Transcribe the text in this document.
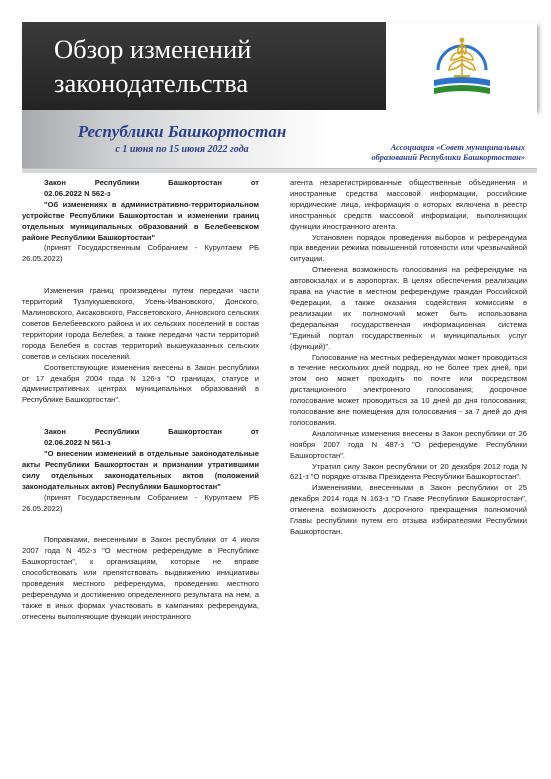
Обзор изменений
законодательства
Республики Башкортостан
с 1 июня по 15 июня 2022 года	Ассоциация «Совет муниципальных
образований Республики Башкортостан»

Закон Республики Башкортостан от
02.06.2022 N 562-з

"Об изменениях в административно-территориальном устройстве Республики Башкортостан и изменении границ отдельных муниципальных образований в Белебеевском районе Республики Башкортостан"

(принят Государственным Собранием - Курултаем РБ 26.05.2022)

Изменения границ произведены путем передачи части территорий Тузлукушевского, Усень-Ивановского, Донского, Малиновского, Аксаковского, Рассветовского, Анновского сельских советов Белебеевского района и их сельских поселений в состав территории города Белебея, а также передачи части территорий города Белебея в состав территорий вышеуказанных сельских советов и сельских поселений.

Соответствующие изменения внесены в Закон республики от 17 декабря 2004 года N 126-з "О границах, статусе и административных центрах муниципальных образований в Республике Башкортостан".

Закон Республики Башкортостан от
02.06.2022 N 561-з

"О внесении изменений в отдельные законодательные акты Республики Башкортостан и признании утратившими силу отдельных законодательных актов (положений законодательных актов) Республики Башкортостан"

(принят Государственным Собранием - Курултаем РБ 26.05.2022)

Поправками, внесенными в Закон республики от 4 июля 2007 года N 452-з "О местном референдуме в Республике Башкортостан", к организациям, которые не вправе способствовать или препятствовать выдвижению инициативы проведения местного референдума, проведению местного референдума и достижению определенного результата на нем, а также в иных формах участвовать в кампаниях референдума, отнесены выполняющие функции иностранного

агента незарегистрированные общественные объединения и иностранные средства массовой информации, российские юридические лица, информация о которых включена в реестр иностранных средств массовой информации, выполняющих функции иностранного агента.

Установлен порядок проведения выборов и референдума при введении режима повышенной готовности или чрезвычайной ситуации.

Отменена возможность голосования на референдуме на автовокзалах и в аэропортах. В целях обеспечения реализации права на участие в местном референдуме граждан Российской Федерации, а также оказания содействия комиссиям в реализации их полномочий может быть использована федеральная государственная информационная система "Единый портал государственных и муниципальных услуг (функций)".

Голосование на местных референдумах может проводиться в течение нескольких дней подряд, но не более трех дней, при этом оно может проходить по почте или посредством дистанционного электронного голосования; досрочное голосование может проводиться за 10 дней до дня голосования; голосование вне помещения для голосования - за 7 дней до дня голосования.

Аналогичные изменения внесены в Закон республики от 26 ноября 2007 года N 487-з "О референдуме Республики Башкортостан".

Утратил силу Закон республики от 20 декабря 2012 года N 621-з "О порядке отзыва Президента Республики Башкортостан".

Изменениями, внесенными в Закон республики от 25 декабря 2014 года N 163-з "О Главе Республики Башкортостан", отменена возможность досрочного прекращения полномочий Главы республики путем его отзыва избирателями Республики Башкортостан.
